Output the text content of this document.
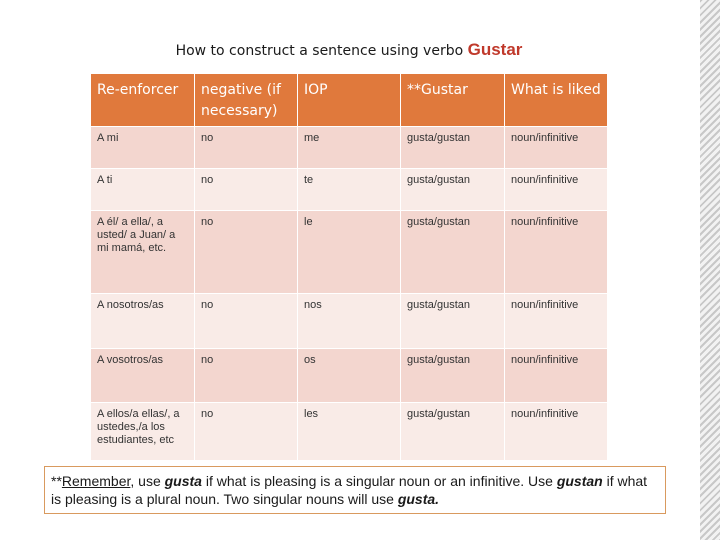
How to construct a sentence using verbo Gustar
Re-enforcer	negative (if necessary)	IOP	**Gustar	What is liked
A mi	no	me	gusta/gustan	noun/infinitive
A ti	no	te	gusta/gustan	noun/infinitive
A él/ a ella/, a usted/ a Juan/ a mi mamá, etc.	no	le	gusta/gustan	noun/infinitive
A nosotros/as	no	nos	gusta/gustan	noun/infinitive
A vosotros/as	no	os	gusta/gustan	noun/infinitive
A ellos/a ellas/, a ustedes,/a los estudiantes, etc	no	les	gusta/gustan	noun/infinitive
**Remember, use gusta if what is pleasing is a singular noun or an infinitive. Use gustan if what is pleasing is a plural noun. Two singular nouns will use gusta.
